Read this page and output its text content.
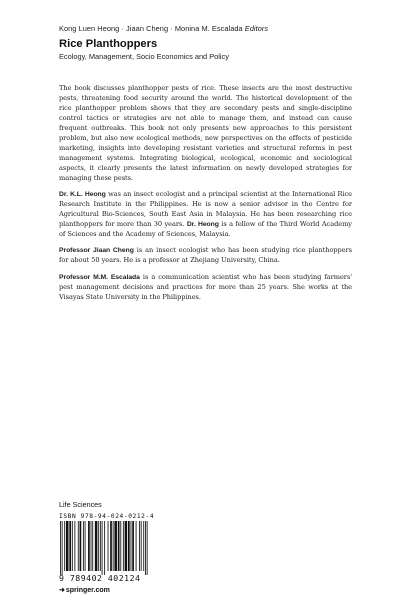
Kong Luen Heong · Jiaan Cheng · Monina M. Escalada Editors
Rice Planthoppers
Ecology, Management, Socio Economics and Policy

The book discusses planthopper pests of rice. These insects are the most destructive pests, threatening food security around the world. The historical development of the rice planthopper problem shows that they are secondary pests and single-discipline control tactics or strategies are not able to manage them, and instead can cause frequent outbreaks. This book not only presents new approaches to this persistent problem, but also new ecological methods, new perspectives on the effects of pesticide marketing, insights into developing resistant varieties and structural reforms in pest management systems. Integrating biological, ecological, economic and sociological aspects, it clearly presents the latest information on newly developed strategies for managing these pests.

Dr. K.L. Heong was an insect ecologist and a principal scientist at the International Rice Research Institute in the Philippines. He is now a senior advisor in the Centre for Agricultural Bio-Sciences, South East Asia in Malaysia. He has been researching rice planthoppers for more than 30 years. Dr. Heong is a fellow of the Third World Academy of Sciences and the Academy of Sciences, Malaysia.

Professor Jiaan Cheng is an insect ecologist who has been studying rice planthoppers for about 50 years. He is a professor at Zhejiang University, China.

Professor M.M. Escalada is a communication scientist who has been studying farmers' pest management decisions and practices for more than 25 years. She works at the Visayas State University in the Philippines.

Life Sciences
ISBN 978-94-024-0212-4
9 789402 402124
➜springer.com
